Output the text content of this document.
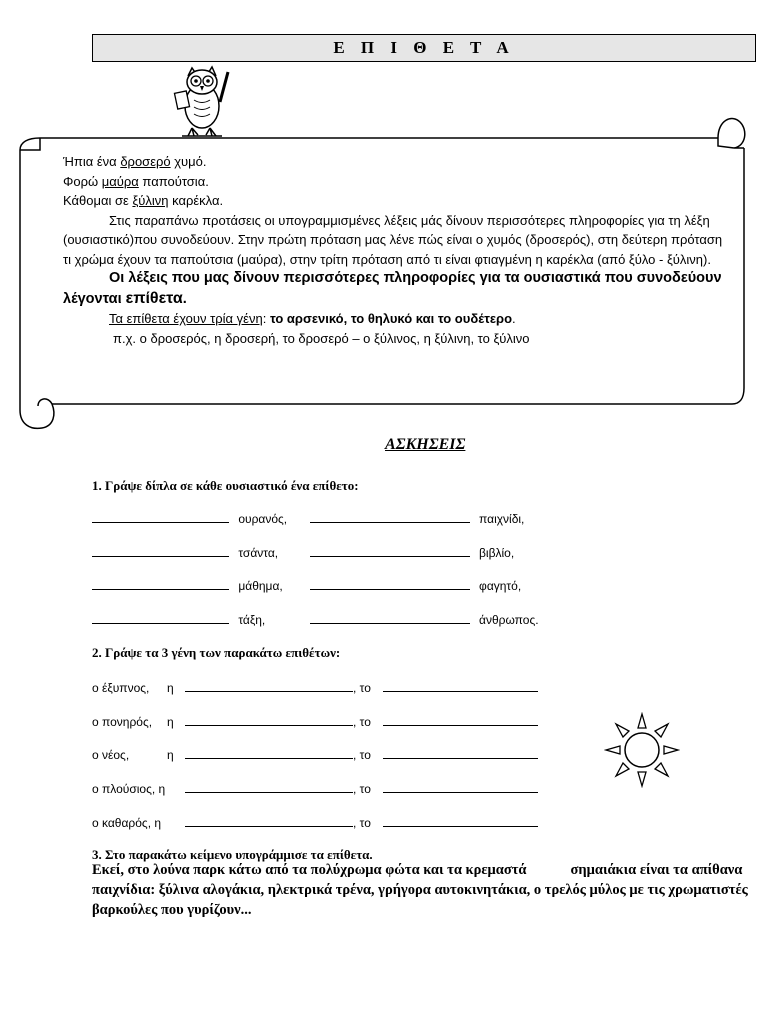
Ε Π Ι Θ Ε Τ Α

Ήπια ένα δροσερό χυμό.

Φορώ μαύρα παπούτσια.

Κάθομαι σε ξύλινη καρέκλα.

Στις παραπάνω προτάσεις οι υπογραμμισμένες λέξεις μάς δίνουν περισσότερες πληροφορίες για τη λέξη (ουσιαστικό)που συνοδεύουν. Στην πρώτη πρόταση μας λένε πώς είναι ο χυμός (δροσερός), στη δεύτερη πρόταση τι χρώμα έχουν τα παπούτσια (μαύρα), στην τρίτη πρόταση από τι είναι φτιαγμένη η καρέκλα (από ξύλο - ξύλινη).

Οι λέξεις που μας δίνουν περισσότερες πληροφορίες για τα ουσιαστικά που συνοδεύουν λέγονται επίθετα.

Τα επίθετα έχουν τρία γένη: το αρσενικό, το θηλυκό και το ουδέτερο.

π.χ. ο δροσερός, η δροσερή, το δροσερό – ο ξύλινος, η ξύλινη, το ξύλινο

ΑΣΚΗΣΕΙΣ
1. Γράψε δίπλα σε κάθε ουσιαστικό ένα επίθετο:
ουρανός,	παιχνίδι,
τσάντα,	βιβλίο,
μάθημα,	φαγητό,
τάξη,	άνθρωπος.
2. Γράψε τα 3 γένη των παρακάτω επιθέτων:
ο έξυπνος, η	, το
ο πονηρός, η	, το
ο νέος,	η	, το
ο πλούσιος, η	, το
ο καθαρός, η	, το
3. Στο παρακάτω κείμενο υπογράμμισε τα επίθετα.
Εκεί, στο λούνα παρκ κάτω από τα πολύχρωμα φώτα και τα κρεμαστά	σημαιάκια είναι τα απίθανα παιχνίδια: ξύλινα αλογάκια, ηλεκτρικά τρένα, γρήγορα αυτοκινητάκια, ο τρελός μύλος με τις χρωματιστές βαρκούλες που γυρίζουν...
